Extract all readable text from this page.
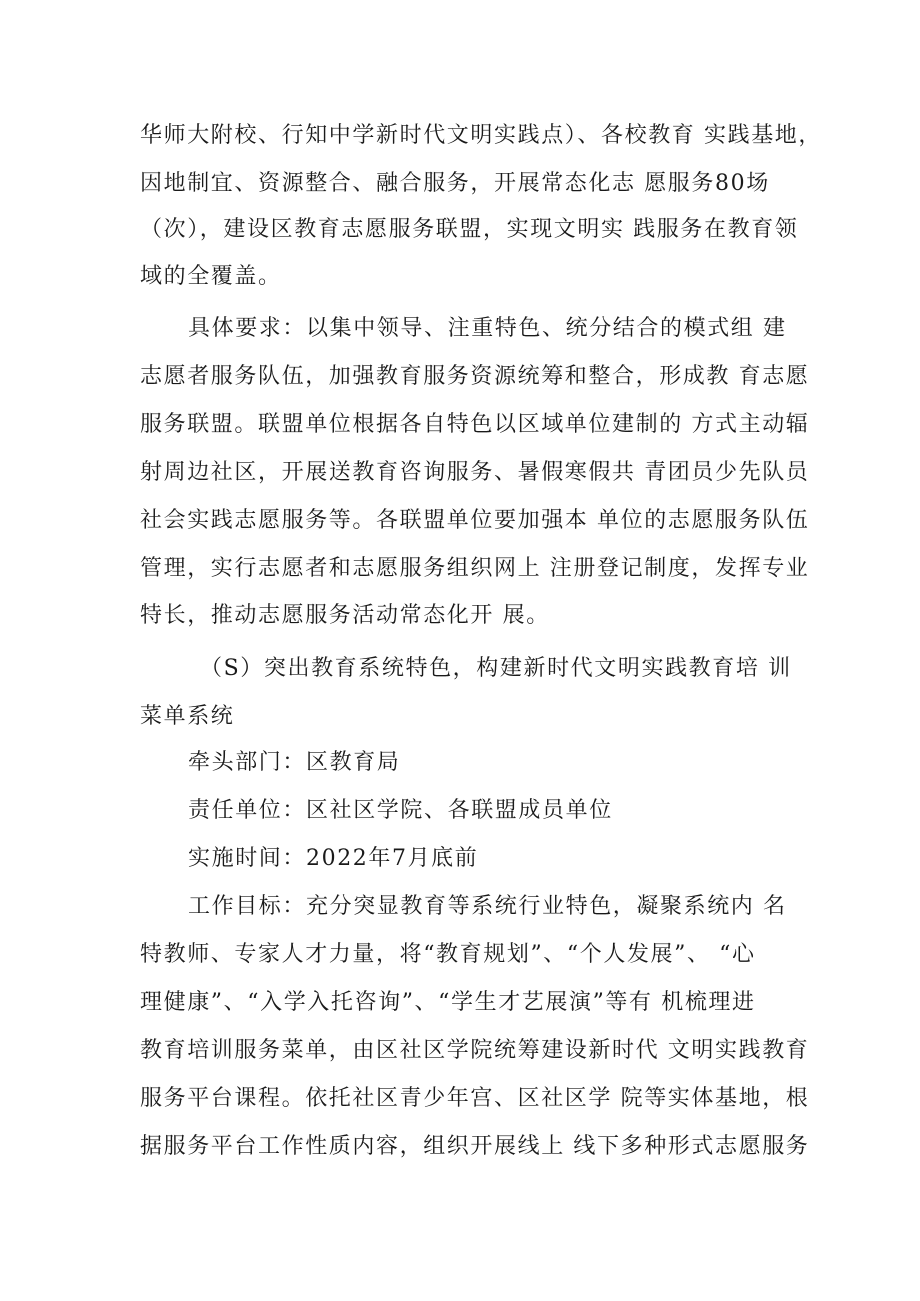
华师大附校、行知中学新时代文明实践点）、各校教育 实践基地，
因地制宜、资源整合、融合服务，开展常态化志 愿服务80场
（次），建设区教育志愿服务联盟，实现文明实 践服务在教育领
域的全覆盖。
具体要求：以集中领导、注重特色、统分结合的模式组 建
志愿者服务队伍，加强教育服务资源统筹和整合，形成教 育志愿
服务联盟。联盟单位根据各自特色以区域单位建制的 方式主动辐
射周边社区，开展送教育咨询服务、暑假寒假共 青团员少先队员
社会实践志愿服务等。各联盟单位要加强本 单位的志愿服务队伍
管理，实行志愿者和志愿服务组织网上 注册登记制度，发挥专业
特长，推动志愿服务活动常态化开 展。
（S）突出教育系统特色，构建新时代文明实践教育培 训
菜单系统
牵头部门：区教育局
责任单位：区社区学院、各联盟成员单位
实施时间：2022年7月底前
工作目标：充分突显教育等系统行业特色，凝聚系统内 名
特教师、专家人才力量，将“教育规划”、“个人发展”、 “心
理健康”、“入学入托咨询”、“学生才艺展演”等有 机梳理进
教育培训服务菜单，由区社区学院统筹建设新时代 文明实践教育
服务平台课程。依托社区青少年宫、区社区学 院等实体基地，根
据服务平台工作性质内容，组织开展线上 线下多种形式志愿服务
